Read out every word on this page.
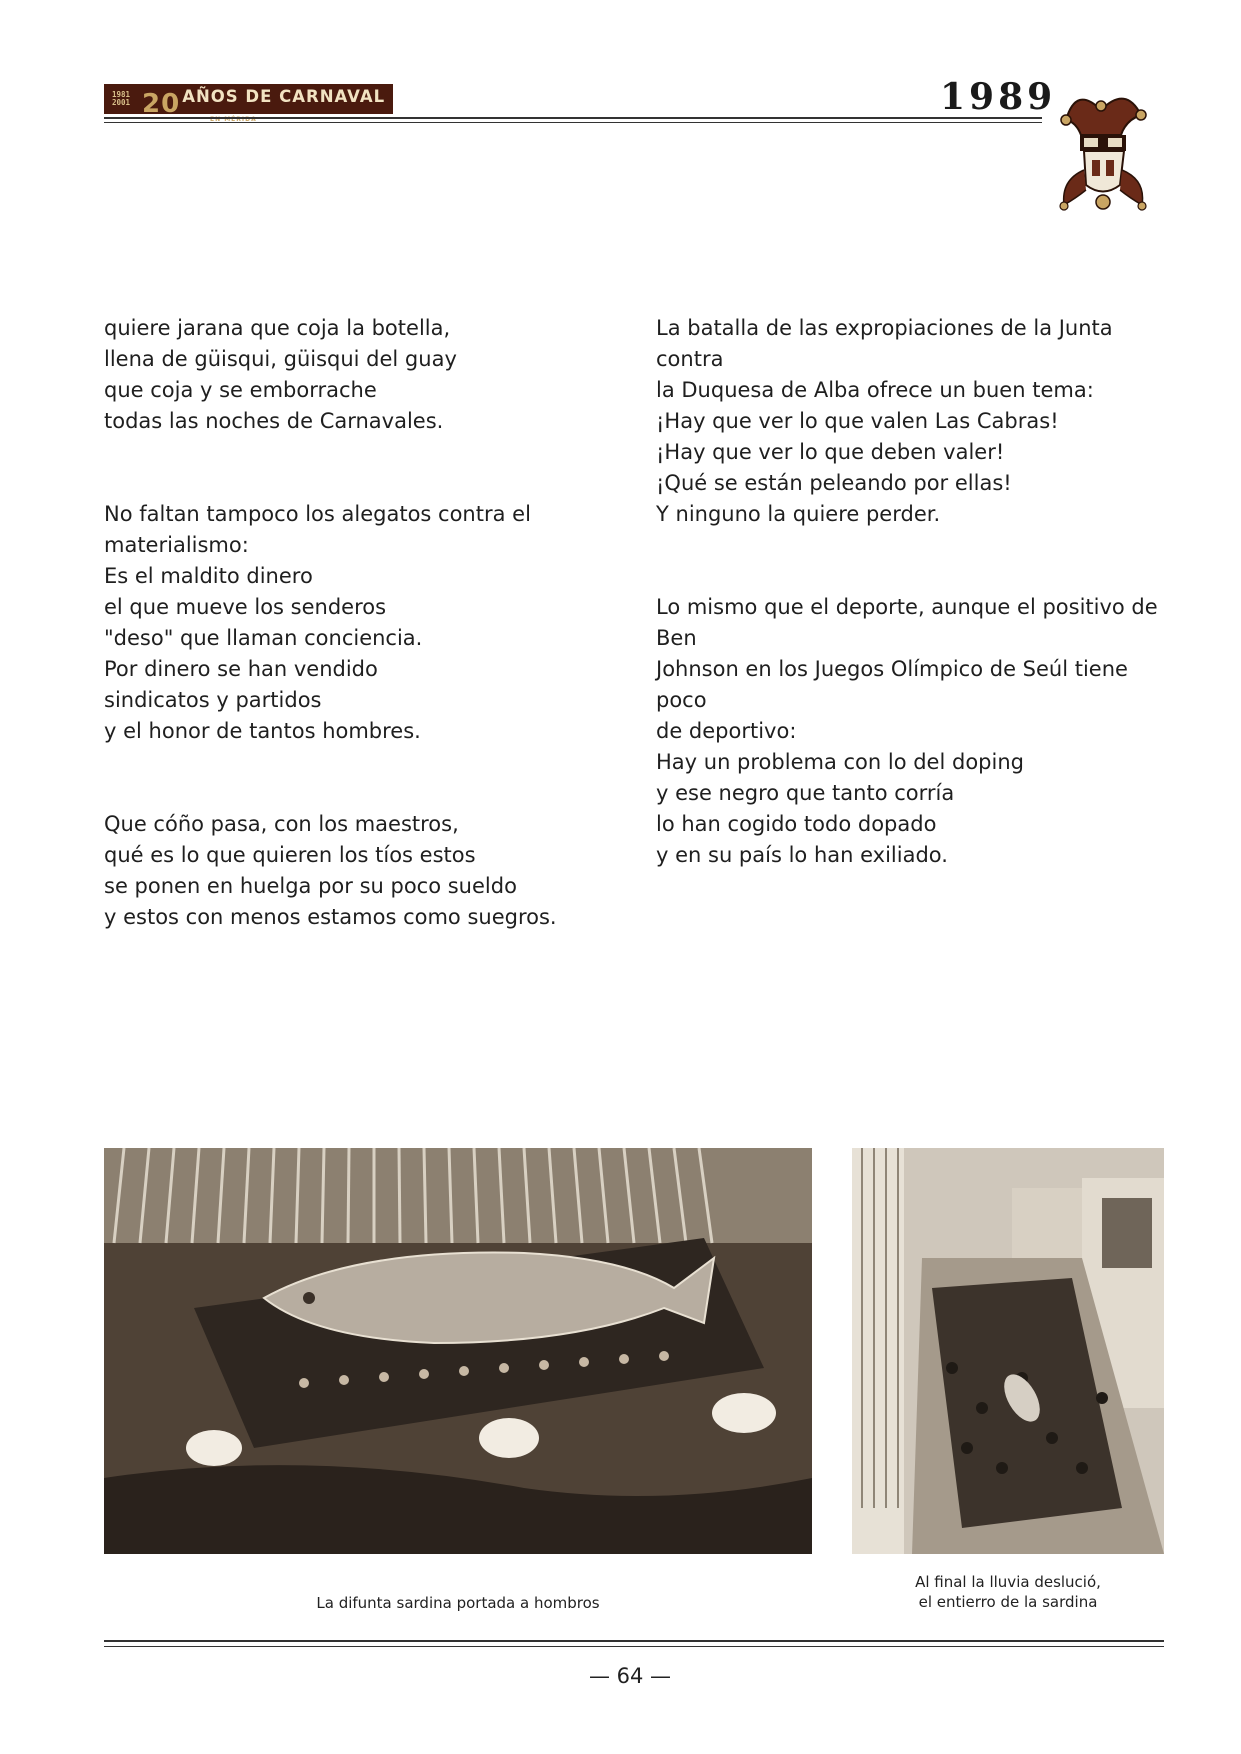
1981
2001 20 AÑOS DE CARNAVAL
EN MÉRIDA
1989

quiere jarana que coja la botella,
llena de güisqui, güisqui del guay
que coja y se emborrache
todas las noches de Carnavales.

No faltan tampoco los alegatos contra el
materialismo:
Es el maldito dinero
el que mueve los senderos
"deso" que llaman conciencia.
Por dinero se han vendido
sindicatos y partidos
y el honor de tantos hombres.

Que cóño pasa, con los maestros,
qué es lo que quieren los tíos estos
se ponen en huelga por su poco sueldo
y estos con menos estamos como suegros.

La batalla de las expropiaciones de la Junta contra
la Duquesa de Alba ofrece un buen tema:
¡Hay que ver lo que valen Las Cabras!
¡Hay que ver lo que deben valer!
¡Qué se están peleando por ellas!
Y ninguno la quiere perder.

Lo mismo que el deporte, aunque el positivo de Ben
Johnson en los Juegos Olímpico de Seúl tiene poco
de deportivo:
Hay un problema con lo del doping
y ese negro que tanto corría
lo han cogido todo dopado
y en su país lo han exiliado.

La difunta sardina portada a hombros
Al final la lluvia deslució,
el entierro de la sardina
— 64 —
